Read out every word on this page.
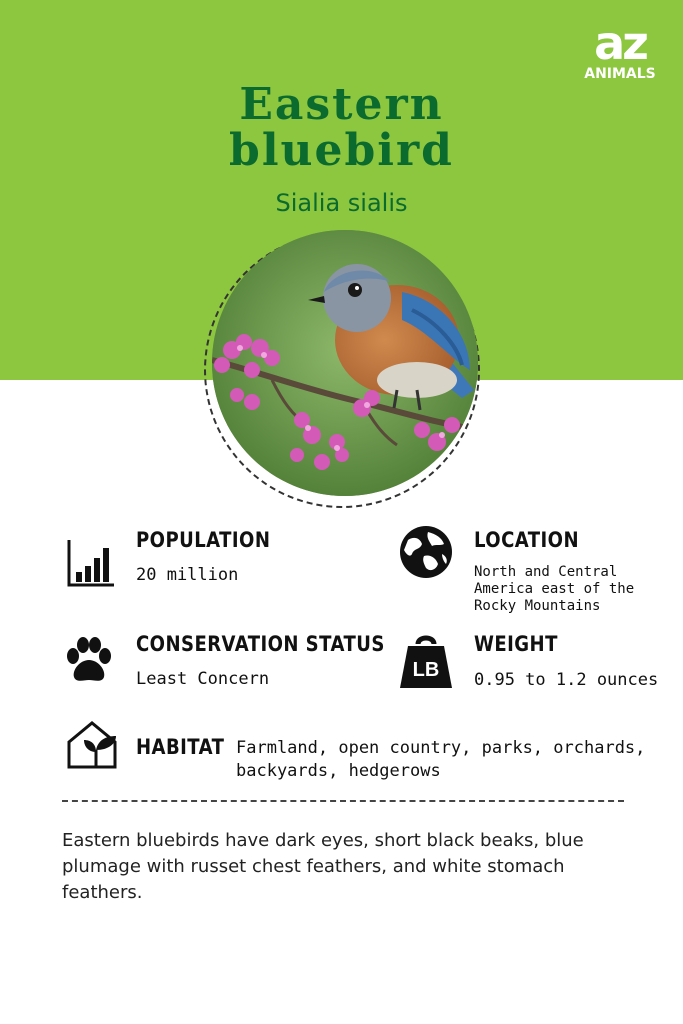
az
ANIMALS
Eastern
bluebird
Sialia sialis
POPULATION
20 million
LOCATION
North and Central
America east of the
Rocky Mountains
CONSERVATION STATUS
Least Concern	LB
WEIGHT
0.95 to 1.2 ounces
HABITAT Farmland, open country, parks, orchards,
backyards, hedgerows
Eastern bluebirds have dark eyes, short black beaks, blue plumage with russet chest feathers, and white stomach feathers.
